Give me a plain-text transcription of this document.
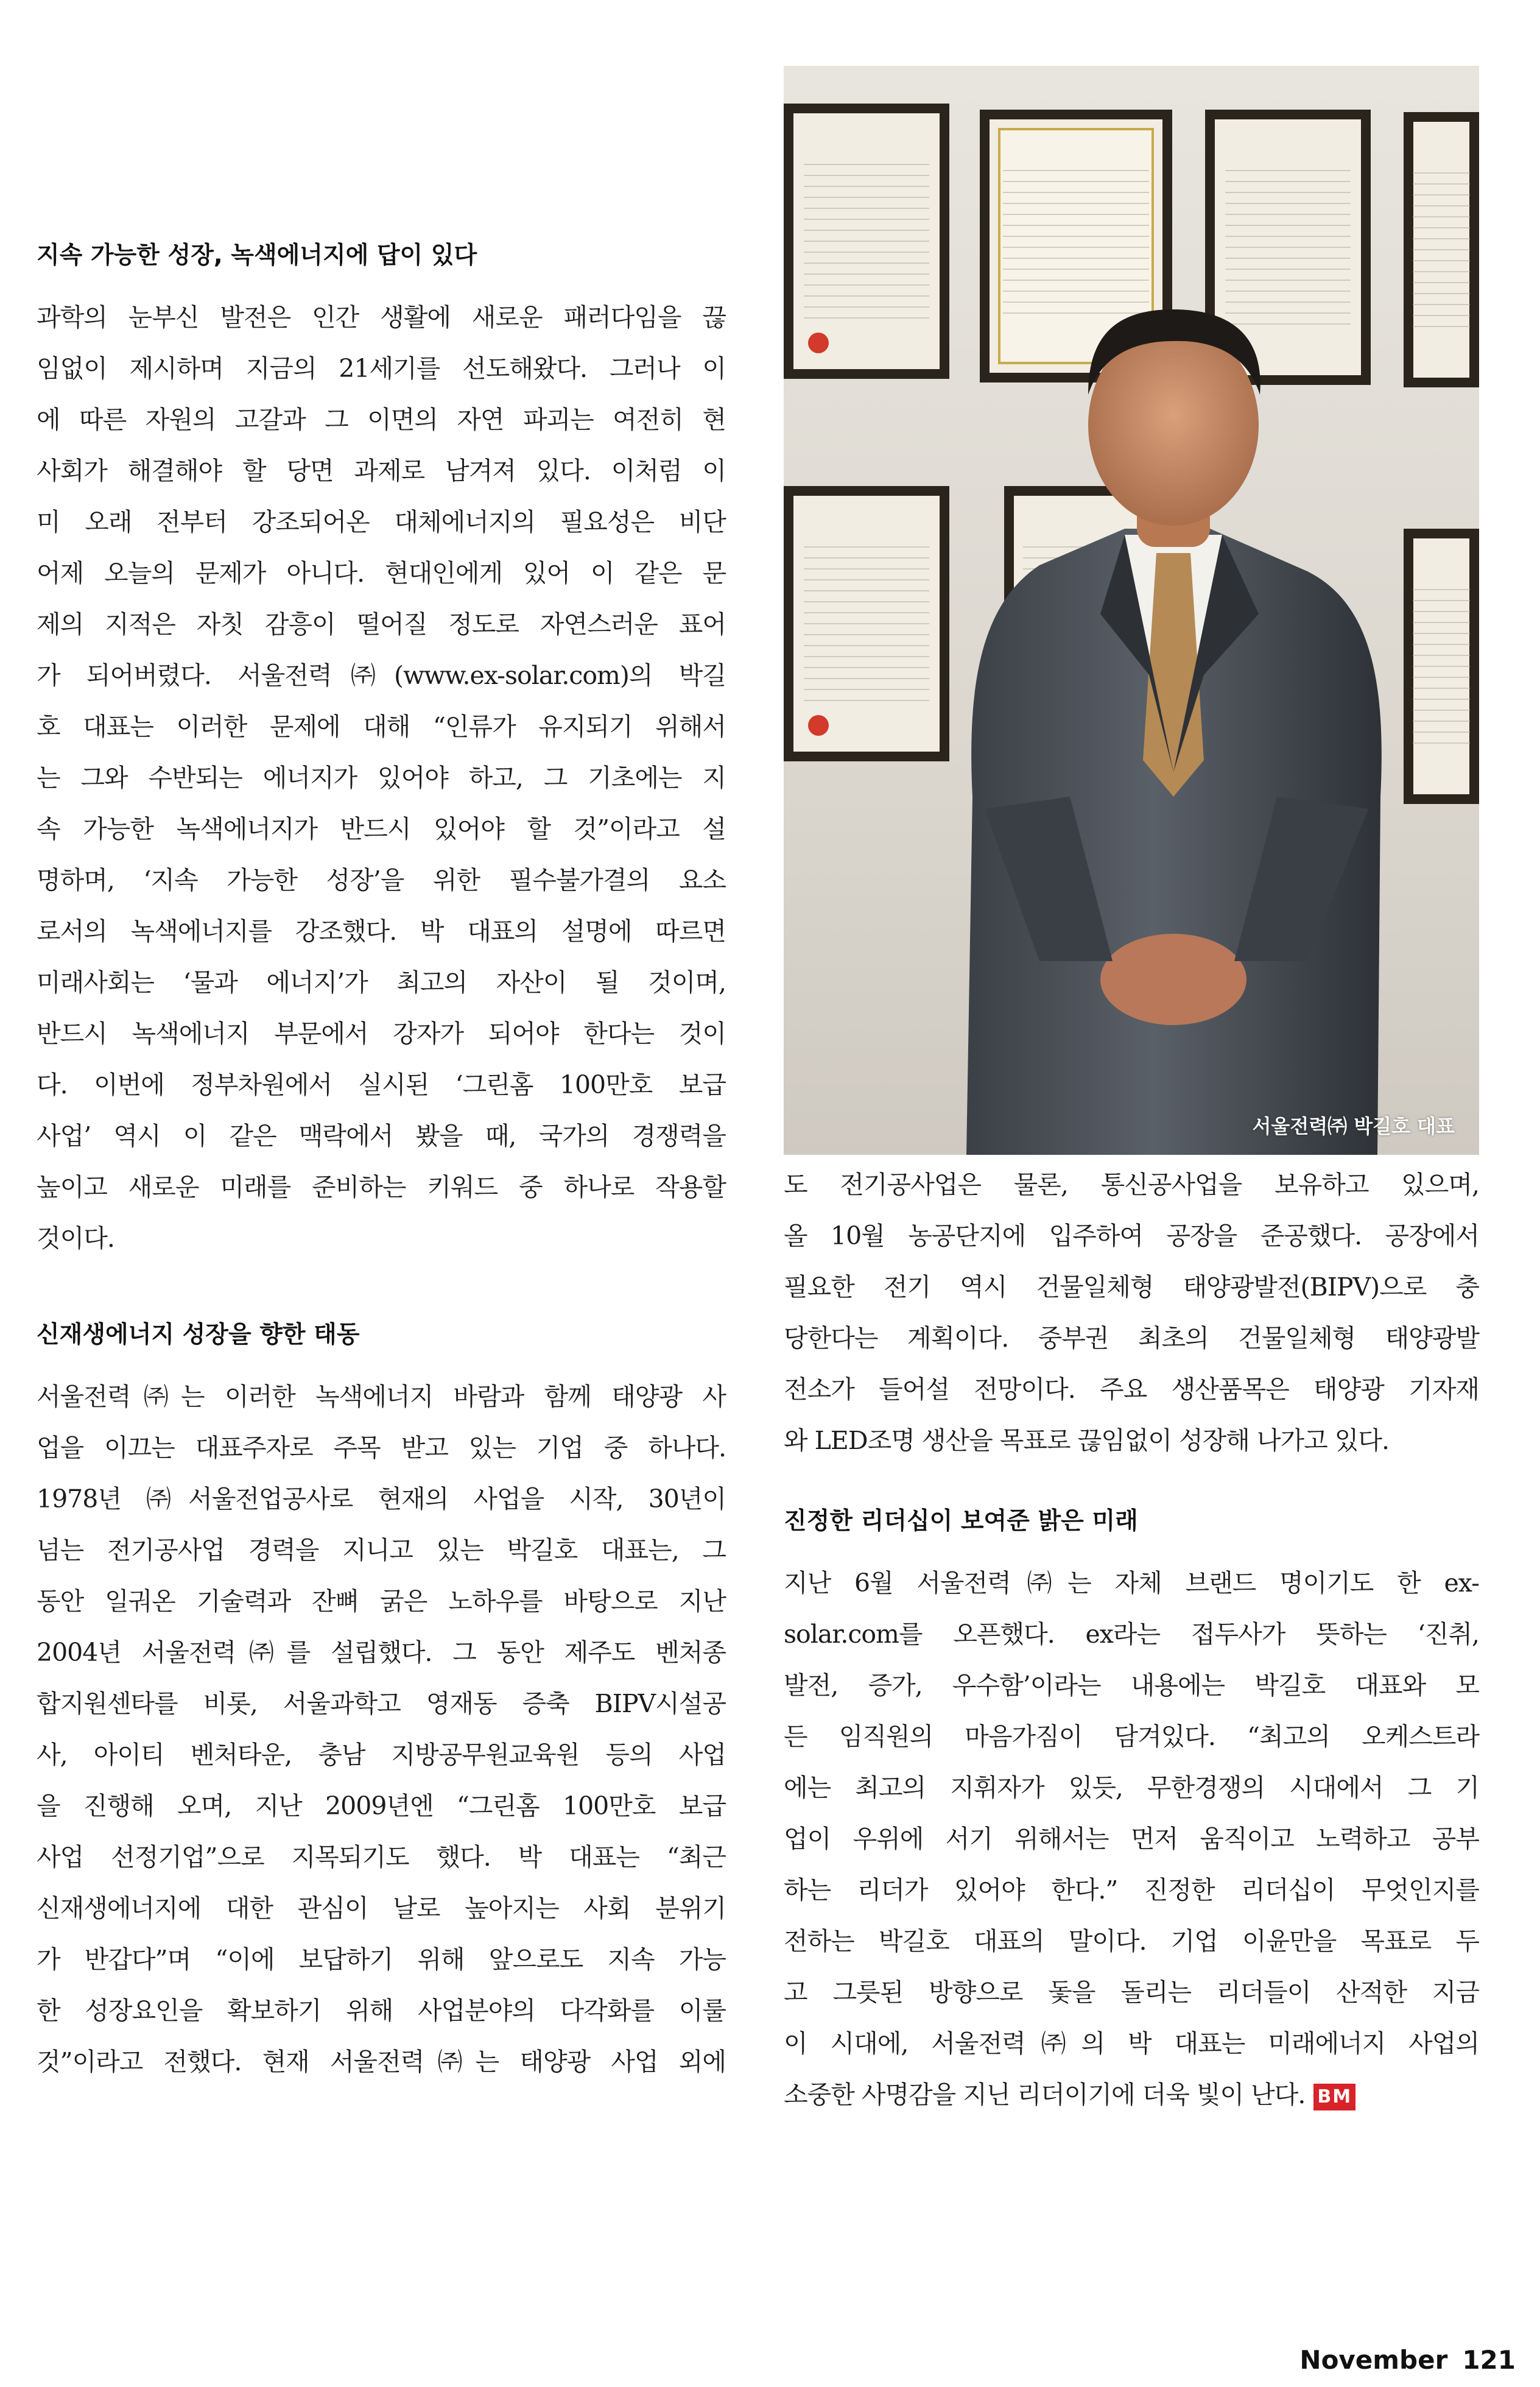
지속 가능한 성장, 녹색에너지에 답이 있다
과학의 눈부신 발전은 인간 생활에 새로운 패러다임을 끊
임없이 제시하며 지금의 21세기를 선도해왔다. 그러나 이
에 따른 자원의 고갈과 그 이면의 자연 파괴는 여전히 현
사회가 해결해야 할 당면 과제로 남겨져 있다. 이처럼 이
미 오래 전부터 강조되어온 대체에너지의 필요성은 비단
어제 오늘의 문제가 아니다. 현대인에게 있어 이 같은 문
제의 지적은 자칫 감흥이 떨어질 정도로 자연스러운 표어
가 되어버렸다. 서울전력㈜(www.ex-solar.com)의 박길
호 대표는 이러한 문제에 대해 “인류가 유지되기 위해서
는 그와 수반되는 에너지가 있어야 하고, 그 기초에는 지
속 가능한 녹색에너지가 반드시 있어야 할 것”이라고 설
명하며, ‘지속 가능한 성장’을 위한 필수불가결의 요소
로서의 녹색에너지를 강조했다. 박 대표의 설명에 따르면
미래사회는 ‘물과 에너지’가 최고의 자산이 될 것이며,
반드시 녹색에너지 부문에서 강자가 되어야 한다는 것이
다. 이번에 정부차원에서 실시된 ‘그린홈 100만호 보급
사업’ 역시 이 같은 맥락에서 봤을 때, 국가의 경쟁력을
높이고 새로운 미래를 준비하는 키워드 중 하나로 작용할
것이다.
신재생에너지 성장을 향한 태동
서울전력㈜는 이러한 녹색에너지 바람과 함께 태양광 사
업을 이끄는 대표주자로 주목 받고 있는 기업 중 하나다.
1978년 ㈜서울전업공사로 현재의 사업을 시작, 30년이
넘는 전기공사업 경력을 지니고 있는 박길호 대표는, 그
동안 일궈온 기술력과 잔뼈 굵은 노하우를 바탕으로 지난
2004년 서울전력㈜를 설립했다. 그 동안 제주도 벤처종
합지원센타를 비롯, 서울과학고 영재동 증축 BIPV시설공
사, 아이티 벤처타운, 충남 지방공무원교육원 등의 사업
을 진행해 오며, 지난 2009년엔 “그린홈 100만호 보급
사업 선정기업”으로 지목되기도 했다. 박 대표는 “최근
신재생에너지에 대한 관심이 날로 높아지는 사회 분위기
가 반갑다”며 “이에 보답하기 위해 앞으로도 지속 가능
한 성장요인을 확보하기 위해 사업분야의 다각화를 이룰
것”이라고 전했다. 현재 서울전력㈜는 태양광 사업 외에
서울전력㈜ 박길호 대표
도 전기공사업은 물론, 통신공사업을 보유하고 있으며,
올 10월 농공단지에 입주하여 공장을 준공했다. 공장에서
필요한 전기 역시 건물일체형 태양광발전(BIPV)으로 충
당한다는 계획이다. 중부권 최초의 건물일체형 태양광발
전소가 들어설 전망이다. 주요 생산품목은 태양광 기자재
와 LED조명 생산을 목표로 끊임없이 성장해 나가고 있다.
진정한 리더십이 보여준 밝은 미래
지난 6월 서울전력㈜는 자체 브랜드 명이기도 한 ex-
solar.com를 오픈했다. ex라는 접두사가 뜻하는 ‘진취,
발전, 증가, 우수함’이라는 내용에는 박길호 대표와 모
든 임직원의 마음가짐이 담겨있다. “최고의 오케스트라
에는 최고의 지휘자가 있듯, 무한경쟁의 시대에서 그 기
업이 우위에 서기 위해서는 먼저 움직이고 노력하고 공부
하는 리더가 있어야 한다.” 진정한 리더십이 무엇인지를
전하는 박길호 대표의 말이다. 기업 이윤만을 목표로 두
고 그릇된 방향으로 돛을 돌리는 리더들이 산적한 지금
이 시대에, 서울전력㈜의 박 대표는 미래에너지 사업의
소중한 사명감을 지닌 리더이기에 더욱 빛이 난다. BM
November 121
